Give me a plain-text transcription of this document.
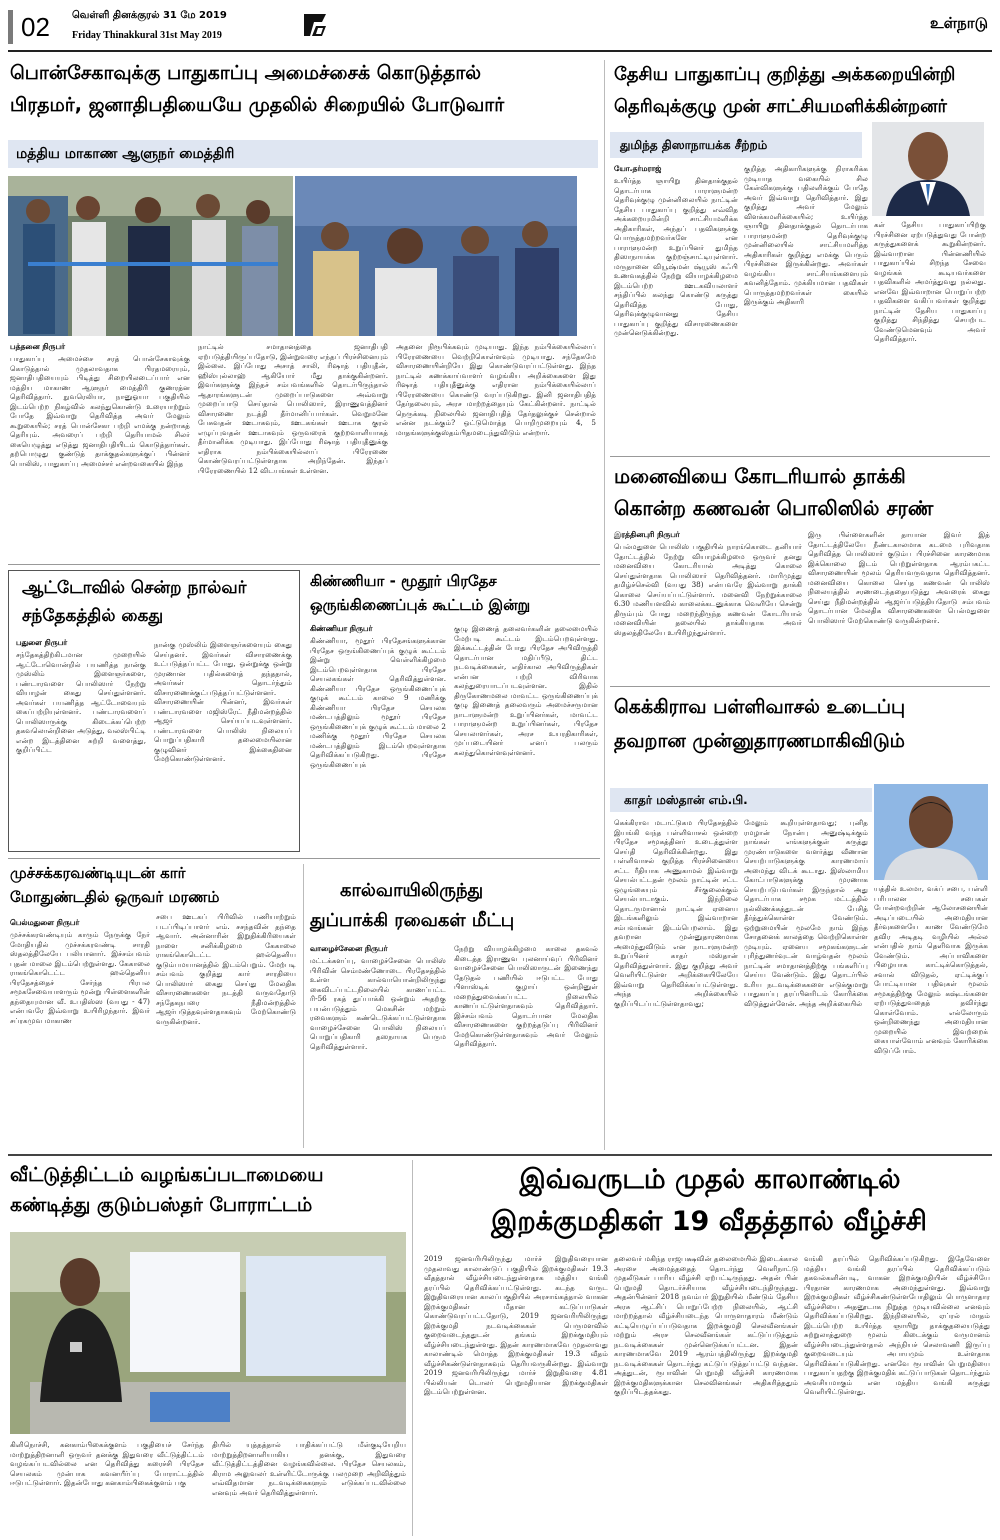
02	வெள்ளி தினக்குரல் 31 மே 2019
Friday Thinakkural 31st May 2019
உள்நாடு
பொன்சேகாவுக்கு பாதுகாப்பு அமைச்சைக் கொடுத்தால்
பிரதமர், ஜனாதிபதியையே முதலில் சிறையில் போடுவார்
மத்திய மாகாண ஆளுநர் மைத்திரி
பத்தனை நிருபர்
பாதுகாப்பு அமைச்சை சரத் பொன்சேகாவுக்கு கொடுத்தால் முதலாவதாக பிரதமரையும், ஜனாதிபதியையும் பிடித்து சிறையிலடைப்பார் என மத்திய மாகாண ஆளுநர் மைத்திரி குணரத்ன தெரிவித்தார். நுவரெலியா, நானுஓயா பகுதியில் இடம்பெற்ற நிகழ்வில் கலந்துகொண்டு உரையாற்றும் போதே இவ்வாறு தெரிவித்த அவர் மேலும் கூறுகையில்; சரத் பொன்சேகா பற்றி எமக்கு நன்றாகத் தெரியும். அவரைப் பற்றி தெரியாமல் சிலர் கையெழுத்து எடுத்து ஜனாதிபதியிடம் கொடுத்தார்கள். தற்பொழுது குண்டுத் தாக்குதல்களுக்குப் பின்னர் பொலிஸ், பாதுகாப்பு அமைச்சர் என்றவகையில் இந்த
நாட்டில் சமாதானத்தை ஜனாதிபதி ஏற்படுத்தியிருப்பதோடு, இன்றுவரை எந்தப் பிரச்சினையும் இல்லை. இப்போது அசாத் சாலி, ரிஷாத் பதியுதீன், ஹிஸ்புல்லாஹ் ஆகியோர் மீது தாக்குகின்றனர். இவர்களுக்கு இந்தச் சம்பவங்களில் தொடர்பிருந்தால் ஆதாரங்களுடன் முறைப்பாடுகளை அவ்வாறு முறைப்பாடு செய்தால் பொலிஸார், இராணுவத்தினர் விசாரணை நடத்தி தீர்மானிப்பார்கள். வெறுமனே பேசுவதன் ஊடாகவும், ஊடகங்கள் ஊடாக குரல் எழுப்புவதன் ஊடாகவும் ஒருவரைக் குற்றவாளியாகத் தீர்மானிக்க முடியாது. இப்போது ரிஷாத் பதியுதீனுக்கு எதிராக நம்பிக்கையில்லாப் பிரேரணை கொண்டுவரப்பட்டுள்ளதாக அறிந்தேன். இந்தப் பிரேரணையில் 12 விடயங்கள் உள்ளன.
அதனை நிரூபிக்கவும் முடியாது. இந்த நம்பிக்கையில்லாப் பிரேரணையை வெற்றிகொள்ளவும் முடியாது. சந்தேகமே விசாரணையின்றியே இது கொண்டுவரப்பட்டுள்ளது. இந்த நாட்டில் கணக்காய்வாளர் வழங்கிய அறிக்கைகளை இது ரிஷாத் பதியுதீனுக்கு எதிரான நம்பிக்கையில்லாப் பிரேரணையை கொண்டு வரப்படுகிறது. இனி ஜனாதிபதித் தேர்தலையும், அரச மாற்றத்தையும் கேட்கின்றனர். நாட்டில் நெருக்கடி நிலையில் ஜனாதிபதித் தேர்தலுக்குச் சென்றால் என்ன நடக்கும்? ஒட்டுமொத்த பொறிமுறையும் 4, 5 மாதங்களுக்குஸ்தம்பிதமடைந்துவிடும் என்றார்.
தேசிய பாதுகாப்பு குறித்து அக்கறையின்றி
தெரிவுக்குழு முன் சாட்சியமளிக்கின்றனர்
துமிந்த திஸாநாயக்க சீற்றம்
யோ.தர்மராஜ்
உயிர்த்த ஞாயிறு தினதாக்குதல் தொடர்பாக பாராளுமன்ற தெரிவுக்குழு முன்னிலையில் நாட்டின் தேசிய பாதுகாப்பு குறித்து எவ்வித அக்கறையுமின்றி சாட்சியமளிக்க அதிகாரிகள், அந்தப் பதவிகளுக்கு பொருத்தமற்றவர்களே என பாராளுமன்ற உறுப்பினர் துமிந்த திஸாநாயக்க குற்றஞ்சாட்டியுள்ளார். மருதானை வியூஷ்மன் ஷ்யூஸ் கஃபி உணவகத்தில் நேற்று வியாழக்கிழமை இடம்பெற்ற ஊடகவியலாளர் சந்திப்பில் கலந்து கொண்டு கருத்து தெரிவித்த போது, தெரிவுக்குழுவானது தேசிய பாதுகாப்பு குறித்து விசாரணைகளை முன்னெடுக்கின்றது.
குறித்த அதிகாரிகளுக்கு நிராகரிக்க முடியாத வகையில் சில கேள்விகளுக்கு பதிலளிக்கும் போதே அவர் இவ்வாறு தெரிவித்தார். இது குறித்து அவர் மேலும் விளக்கமளிக்கையில்; உயிர்த்த ஞாயிறு தினதாக்குதல் தொடர்பாக பாராளுமன்ற தெரிவுக்குழு முன்னிலையில் சாட்சியமளித்த அதிகாரிகள் குறித்து எமக்கு பெரும் பிரச்சினை இருக்கின்றது. அவர்கள் வழங்கிய சாட்சியங்களையும் கவனித்தோம். முக்கியமான பதவிகள் பொருத்தமற்றவர்கள் கையில் இருக்கும் அதிகாரி
கள் தேசிய பாதுகாப்பிற்கு பிரச்சினை ஏற்படுத்துவது போன்ற கருத்துகளைக் கூறுகின்றனர். இவ்வாறான பின்னணியில் பாதுகாப்பில் சிறந்த சேவை வழங்கக் கூடியவர்களை பதவிகளில் அமர்த்துவது நல்லது. எனவே இவ்வாறான பொறுப்பற்ற பதவிகளை வகிப்பவர்கள் குறித்து நாட்டின் தேசிய பாதுகாப்பு குறித்து சிந்தித்து செயற்பட வேண்டுமெனவும் அவர் தெரிவித்தார்.
மனைவியை கோடரியால் தாக்கி
கொன்ற கணவன் பொலிஸில் சரண்
இரத்தினபுரி நிருபர்
பெல்மதுளை பொலிஸ் பகுதியில் நாரங்கொடை தனியார் தோட்டத்தில் நேற்று வியாழக்கிழமை ஒருவர் தனது மனைவியை கோடரியால் அடித்து கொலை செய்துள்ளதாக பொலிஸார் தெரிவித்தனர். மாரிமுத்து தமிழ்ச்செல்வி (வயது 38) என்பவரே இவ்வாறு தாக்கி கொலை செய்யப்பட்டுள்ளார். மனைவி நேற்றுக்காலை 6.30 மணியளவில் காலைக்கடனுக்காக வெளியே சென்று திரும்பும் போது மறைந்திருந்த கணவன் கோடரியால் மனைவியின் தலையில் தாக்கியதாக அவர் ஸ்தலத்திலேயே உயிரிழந்துள்ளார்.
இரு பிள்ளைகளின் தாயான இவர் இத் தோட்டத்திலேயே நீண்டகாலமாக கடமை புரிவதாக தெரிவித்த பொலிஸார் குடும்ப பிரச்சினை காரணமாக இக்கொலை இடம் பெற்றுள்ளதாக ஆரம்பகட்ட விசாரணையின் மூலம் தெரியவருவதாக தெரிவித்தனர். மனைவியை கொலை செய்த கணவன் பொலிஸ் நிலையத்தில் சரணடைந்ததையடுத்து அவரைக் கைது செய்து நீதிமன்றத்தில் ஆஜர்ப்படுத்தியதோடு சம்பவம் தொடர்பான மேலதிக விசாரணைகளை பெல்மதுளை பொலிஸார் மேற்கொண்டு வருகின்றனர்.
கெக்கிராவ பள்ளிவாசல் உடைப்பு
தவறான முன்னுதாரணமாகிவிடும்
காதர் மஸ்தான் எம்.பி.
கெக்கிராவ மடாட்டுகம பிரதேசத்தில் இயங்கி வந்த பள்ளிவாசல் ஒன்றை பிரதேச சமூகத்தினர் உடைத்துள்ள செய்தி தெரிவிக்கின்றது. இது பள்ளிவாசல் குறித்த பிரச்சினையை சட்ட ரீதியாக அணுகாமல் இவ்வாறு செயல்பட்டதன் மூலம் நாட்டின் சட்ட ஒழுங்கையும் சீர்குலைக்கும் செயல்பாடாகும். இந்நிலை தொடருமானால் நாட்டின் ஏனைய இடங்களிலும் இவ்வாறான சம்பவங்கள் இடம்பெறலாம். இது தவறான முன்னுதாரணமாக அமைந்துவிடும் என நாடாளுமன்ற உறுப்பினர் காதர் மஸ்தான் தெரிவித்துள்ளார். இது குறித்து அவர் வெளியிட்டுள்ள அறிக்கையிலேயே இவ்வாறு தெரிவிக்கப்பட்டுள்ளது. அந்த அறிக்கையில் குறிப்பிடப்பட்டுள்ளதாவது;
மேலும் கூறியுள்ளதாவது; புனித ரமழான் நோன்பு அனுஷ்டிக்கும் நாங்கள் எங்களுக்குள் கருத்து முரண்பாடுகளை வளர்த்து வீணான செயற்பாடுகளுக்கு காரணமாய் அமைந்து விடக் கூடாது. இஸ்லாமிய கோட்பாடுகளுக்கு முரணாக செயற்படுபவர்கள் இருந்தால் அது தொடர்பாக சமூக மட்டத்தில் நல்லிணக்கத்துடன் பேசித் தீர்த்துக்கொள்ள வேண்டும். ஒற்றுமையின் மூலமே நாம் இந்த சோதனைக் காலத்தை வெற்றிகொள்ள முடியும். ஏனைய சமூகங்களுடன் புரிந்துணர்வுடன் வாழ்வதன் மூலம் நாட்டின் சமாதானத்திற்கு பங்களிப்பு செய்ய வேண்டும். இது தொடர்பில் உரிய நடவடிக்கைகளை எடுக்குமாறு பாதுகாப்பு தரப்பினரிடம் கோரிக்கை விடுத்துள்ளேன். அந்த அறிக்கையில்
யத்தில் உலமா, வக்ப் சபை, பள்ளி பரிபாலன சபைகள் போன்றவற்றின் ஆலோசனையின் அடிப்படையில் அமைதியான தீர்வுகளையே காண வேண்டுமே தவிர அடிதடி வழியில் அல்ல என்பதில் நாம் தெளிவாக இருக்க வேண்டும். அப்பாவிகளை பிழையாக காட்டிக்கொடுத்தல், சவால் விடுதல், ஏட்டிக்குப் போட்டியான பதிவுகள் மூலம் சமூகத்திற்கு மேலும் கஷ்டங்களை ஏற்படுத்துவதைத் தவிர்ந்து கொள்வோம். எல்லோரும் ஒன்றிணைந்து அமைதியான முறையில் இவற்றைக் கையாள்வோம் எனவும் கோரிக்கை விடுப்போம்.
ஆட்டோவில் சென்ற நால்வர்
சந்தேகத்தில் கைது
பதுளை நிருபர்
சந்தேகத்திற்கிடமான முறையில் ஆட்டோவொன்றில் பயணித்த நான்கு முஸ்லிம் இளைஞர்களை, பண்டாரவளை பொலிஸார் நேற்று வியாழன் கைது செய்துள்ளனர். அவர்கள் பயணித்த ஆட்டோவையும் கைப்பற்றியுள்ளனர். பண்டாரவளைப் பொலிஸாருக்கு கிடைக்கப்பெற்ற தகவலொன்றினை அடுத்து, வலஸ்பிட்டி என்ற இடத்தினை சுற்றி வளைத்து, குறிப்பிட்ட
நான்கு முஸ்லிம் இளைஞர்களையும் கைது செய்தனர். இவர்கள் விசாரணைக்கு உட்படுத்தப்பட்ட போது, ஒன்றுக்கு ஒன்று முரணான பதில்களைத் தந்ததால், அவர்கள் தொடர்ந்தும் விசாரணைக்குட்படுத்தப்பட்டுள்ளனர். விசாரணையின் பின்னர், இவர்கள் பண்டாரவளை மஜிஸ்ரேட் நீதிமன்றத்தில் ஆஜர் செய்யப்படவுள்ளனர். பண்டாரவளை பொலிஸ் நிலையப் பொறுப்பதிகாரி தலைமையிலான குழுவினர் இக்கைதினை மேற்கொண்டுள்ளனர்.
கிண்ணியா - மூதூர் பிரதேச
ஒருங்கிணைப்புக் கூட்டம் இன்று
கிண்ணியா நிருபர்
கிண்ணியா, மூதூர் பிரதேசங்களுக்கான பிரதேச ஒருங்கிணைப்புக் குழுக் கூட்டம் இன்று வெள்ளிக்கிழமை இடம்பெறவுள்ளதாக பிரதேச செயலகங்கள் தெரிவித்துள்ளன. கிண்ணியா பிரதேச ஒருங்கிணைப்புக் குழுக் கூட்டம் காலை 9 மணிக்கு கிண்ணியா பிரதேச செயலக மண்டபத்திலும் மூதூர் பிரதேச ஒருங்கிணைப்புக் குழுக் கூட்டம் மாலை 2 மணிக்கு மூதூர் பிரதேச செயலக மண்டபத்திலும் இடம்பெறவுள்ளதாக தெரிவிக்கப்படுகிறது. பிரதேச ஒருங்கிணைப்புக்
குழு இணைத் தலைவர்களின் தலைமையில் மேற்படி கூட்டம் இடம்பெறவுள்ளது. இக்கூட்டத்தின் போது பிரதேச அபிவிருத்தி தொடர்பான மதிப்பீடு, திட்ட நடவடிக்கைகள், எதிர்கால அபிவிருத்திகள் என்பன பற்றி விரிவாக கலந்துரையாடப்படவுள்ளன. இதில் திருகோணமலை மாவட்ட ஒருங்கிணைப்புக் குழு இணைத் தலைவரும் அமைச்சருமான நாடாளுமன்ற உறுப்பினர்கள், மாவட்ட பாராளுமன்ற உறுப்பினர்கள், பிரதேச செயலாளர்கள், அரச உயரதிகாரிகள், முப்படையினர் எனப் பலரும் கலந்துகொள்ளவுள்ளனர்.
முச்சக்கரவண்டியுடன் கார்
மோதுண்டதில் ஒருவர் மரணம்
பெல்மதுளை நிருபர்
முச்சக்கரவண்டியும் காரும் நேருக்கு நேர் மோதியதில் முச்சக்கரவண்டி சாரதி ஸ்தலத்திலேயே பலியானார். இச்சம்பவம் புதன் மாலை இடம்பெற்றுள்ளது. கேகாலை ராகங்கொடெட்ட ஹல்தெனிய பிரதேசத்தைச் சேர்ந்த பிரபல சமூகசேவையாளரும் மூன்று பிள்ளைகளின் தந்தையுமான வீ. உபதிஸ்ஸ (வயது - 47) என்பவரே இவ்வாறு உயிரிழந்தார். இவர் சப்ரகமுவ மாகாண
சபை ஊடகப் பிரிவில் பணியாற்றும் படப்பிடிப்பாளர் எம். சசந்தவின் தந்தை ஆவார். அன்னாரின் இறுதிக்கிரியைகள் நாளை சனிக்கிழமை கேகாலை ராகங்கொடெட்ட ஹல்தெனிய குடும்பமயானத்தில் இடம்பெறும். மேற்படி சம்பவம் குறித்து கார் சாரதியை பொலிஸார் கைது செய்து மேலதிக விசாரணைகளை நடத்தி வருவதோடு சந்தேகநபரை நீதிமன்றத்தில் ஆஜர்படுத்தவுள்ளதாகவும் மேற்கொண்டு வருகின்றனர்.
கால்வாயிலிருந்து
துப்பாக்கி ரவைகள் மீட்பு
வாழைச்சேனை நிருபர்
மட்டக்களப்பு, வாழைச்சேனை பொலிஸ் பிரிவின் செம்மண்ணோடை பிரதேசத்தில் உள்ள கால்வாயொன்றிலிருந்து கைவிடப்பட்டநிலையில் காணப்பட்ட ரி-56 ரகத் துப்பாக்கி ஒன்றும் அதற்கு பயன்படுத்தும் மெகசின் மற்றும் ரவைகளும் கண்டெடுக்கப்பட்டுள்ளதாக வாழைச்சேனை பொலிஸ் நிலையப் பொறுப்பதிகாரி தஸநாயக பெரும தெரிவித்துள்ளார்.
நேற்று வியாழக்கிழமை காலை தகவல் கிடைத்த இராணுவ புலனாய்வுப் பிரிவினர் வாழைச்சேனை பொலிஸாருடன் இணைந்து தேடுதல் பணியில் ஈடுபட்ட போது பிளாஸ்டிக் குழாய் ஒன்றினுள் மறைத்துவைக்கப்பட்ட நிலையில் காணப்பட்டுள்ளதாகவும் தெரிவித்தார். இச்சம்பவம் தொடர்பான மேலதிக விசாரணைகளை குற்றத்தடுப்பு பிரிவினர் மேற்கொண்டுள்ளதாகவும் அவர் மேலும் தெரிவித்தார்.
வீட்டுத்திட்டம் வழங்கப்படாமையை
கண்டித்து குடும்பஸ்தர் போராட்டம்
கிளிநொச்சி, கனகாம்பிகைக்குளம் பகுதியைச் சேர்ந்த மாற்றுத்திறனாளி ஒருவர் தனக்கு இதுவரை வீட்டுத்திட்டம் வழங்கப்படவில்லை என தெரிவித்து கரைச்சி பிரதேச செயலகம் முன்பாக கவனயீர்ப்பு போராட்டத்தில் ஈடுபட்டுள்ளார். இதன்போது கனகாம்பிகைக்குளம் பகு
தியில் யுத்தத்தால் பாதிக்கப்பட்டு மீள்குடியேறிய மாற்றுத்திறனாளியாகிய தனக்கு, இதுவரை வீட்டுத்திட்டத்தினை வழங்கவில்லை. பிரதேச செயலகம், கிராம அலுவலர் உள்ளிட்டோருக்கு பலமுறை அறிவித்தும் எவ்விதமான நடவடிக்கைகளும் எடுக்கப்படவில்லை எனவும் அவர் தெரிவித்துள்ளார்.
இவ்வருடம் முதல் காலாண்டில்
இறக்குமதிகள் 19 வீதத்தால் வீழ்ச்சி
2019 ஜனவரியிலிருந்து மார்ச் இறுதிவரையான முதலாவது காலாண்டுப் பகுதியில் இறக்குமதிகள் 19.3 வீதத்தால் வீழ்ச்சியடைந்துள்ளதாக மத்திய வங்கி தரப்பில் தெரிவிக்கப்பட்டுள்ளது. கடந்த வருட இறுதிவரையான காலப்பகுதியில் அரசாங்கத்தால் வாகன இறக்குமதிகள் மீதான கட்டுப்பாடுகள் கொண்டுவரப்பட்டதோடு, 2019 ஜனவரியிலிருந்து இறக்குமதி நடவடிக்கைகள் பெருமளவில் குறைவடைந்ததுடன் தங்கம் இறக்குமதியும் வீழ்ச்சியடைந்துள்ளது. இதன் காரணமாகவே முதலாவது காலாண்டில் மொத்த இறக்குமதிகள் 19.3 வீதம் வீழ்ச்சிகண்டுள்ளதாகவும் தெரியவருகின்றது. இவ்வாறு 2019 ஜனவரியிலிருந்து மார்ச் இறுதிவரை 4.81 பில்லியன் டொலர் பெறுமதியான இறக்குமதிகள் இடம்பெற்றுள்ளன.
தலைவர் மகிந்த ராஜபக்ஷவின் தலைமையில் இடைக்கால அரசை அமைத்ததைத் தொடர்ந்து வெளிநாட்டு முதலீடுகள் பாரிய வீழ்ச்சி ஏற்பட்டிருந்தது. அதன் பின் பெறுமதி தொடர்ச்சியாக வீழ்ச்சியடைந்திருந்தது. அதன்பின்னர் 2018 நவம்பர் இறுதியில் மீண்டும் தேசிய அரசு ஆட்சிப் பொறுப்பேற்ற நிலையில், ஆட்சி மாற்றத்தால் வீழ்ச்சியடைந்த பொருளாதாரம் மீண்டும் கட்டியெழுப்பப்படுவதாக இறக்குமதி செலவீனங்கள் மற்றும் அரச செலவீனங்கள் கட்டுப்படுத்தும் நடவடிக்கைகள் முன்னெடுக்கப்பட்டன. இதன் காரணமாகவே 2019 ஆரம்பத்திலிருந்து இறக்குமதி நடவடிக்கைகள் தொடர்ந்து கட்டுப்படுத்தப்பட்டு வந்தன. அத்துடன், ரூபாவின் பெறுமதி வீழ்ச்சி காரணமாக இறக்குமதிகளுக்கான செலவினங்கள் அதிகரித்ததும் குறிப்பிடத்தக்கது.
வங்கி தரப்பில் தெரிவிக்கப்படுகிறது. இதேவேளை மத்திய வங்கி தரப்பில் தெரிவிக்கப்படும் தகவல்களின்படி, வாகன இறக்குமதியின் வீழ்ச்சியே பிரதான காரணமாக அமைந்துள்ளது. இவ்வாறு இறக்குமதிகள் வீழ்ச்சிகண்டுள்ளபோதிலும் பொருளாதார வீழ்ச்சியை அதனூடாக நிறுத்த முடியவில்லை எனவும் தெரிவிக்கப்படுகிறது. இந்நிலையில், ஏப்ரல் மாதம் இடம்பெற்ற உயிர்த்த ஞாயிறு தாக்குதலையடுத்து சுற்றுலாத்துறை மூலம் கிடைக்கும் வருமானம் வீழ்ச்சியடைந்துள்ளதால் அந்நியச் செலாவணி இருப்பு குறைவடையும் அபாயமும் உள்ளதாக தெரிவிக்கப்படுகின்றது. எனவே ரூபாவின் பெறுமதியை பாதுகாப்பதற்கு இறக்குமதிக் கட்டுப்பாடுகள் தொடர்ந்தும் அவசியமாகும் என மத்திய வங்கி கருத்து வெளியிட்டுள்ளது.
